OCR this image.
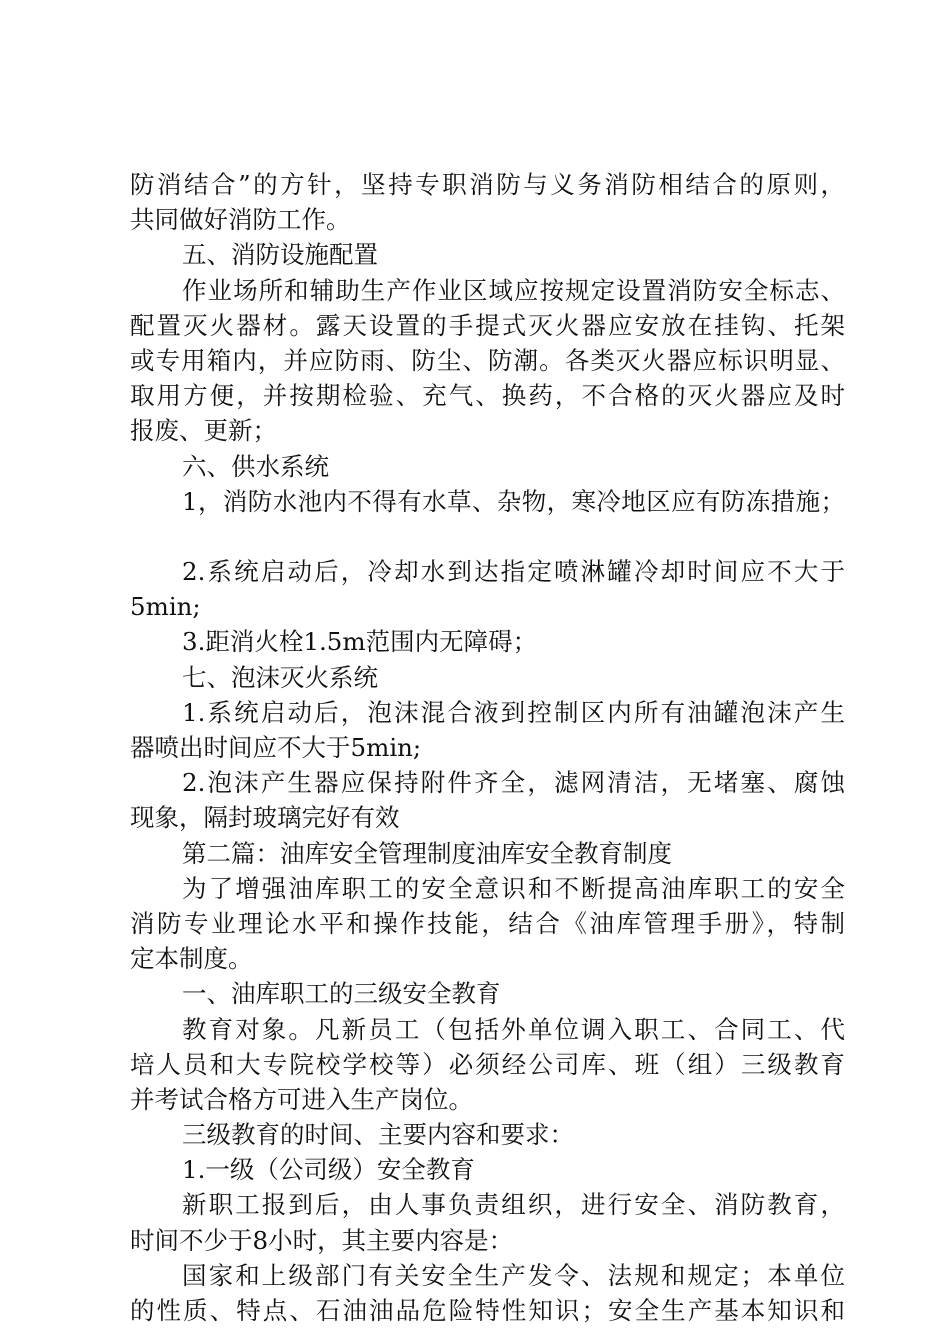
防消结合”的方针，坚持专职消防与义务消防相结合的原则，
共同做好消防工作。
五、消防设施配置
作业场所和辅助生产作业区域应按规定设置消防安全标志、
配置灭火器材。露天设置的手提式灭火器应安放在挂钩、托架
或专用箱内，并应防雨、防尘、防潮。各类灭火器应标识明显、
取用方便，并按期检验、充气、换药，不合格的灭火器应及时
报废、更新；
六、供水系统
1，消防水池内不得有水草、杂物，寒冷地区应有防冻措施；
2.系统启动后，冷却水到达指定喷淋罐冷却时间应不大于
5min;
3.距消火栓1.5m范围内无障碍；
七、泡沫灭火系统
1.系统启动后，泡沫混合液到控制区内所有油罐泡沫产生
器喷出时间应不大于5min;
2.泡沫产生器应保持附件齐全，滤网清洁，无堵塞、腐蚀
现象，隔封玻璃完好有效
第二篇：油库安全管理制度油库安全教育制度
为了增强油库职工的安全意识和不断提高油库职工的安全
消防专业理论水平和操作技能，结合《油库管理手册》，特制
定本制度。
一、油库职工的三级安全教育
教育对象。凡新员工（包括外单位调入职工、合同工、代
培人员和大专院校学校等）必须经公司库、班（组）三级教育
并考试合格方可进入生产岗位。
三级教育的时间、主要内容和要求：
1.一级（公司级）安全教育
新职工报到后，由人事负责组织，进行安全、消防教育，
时间不少于8小时，其主要内容是：
国家和上级部门有关安全生产发令、法规和规定；本单位
的性质、特点、石油油品危险特性知识；安全生产基本知识和
